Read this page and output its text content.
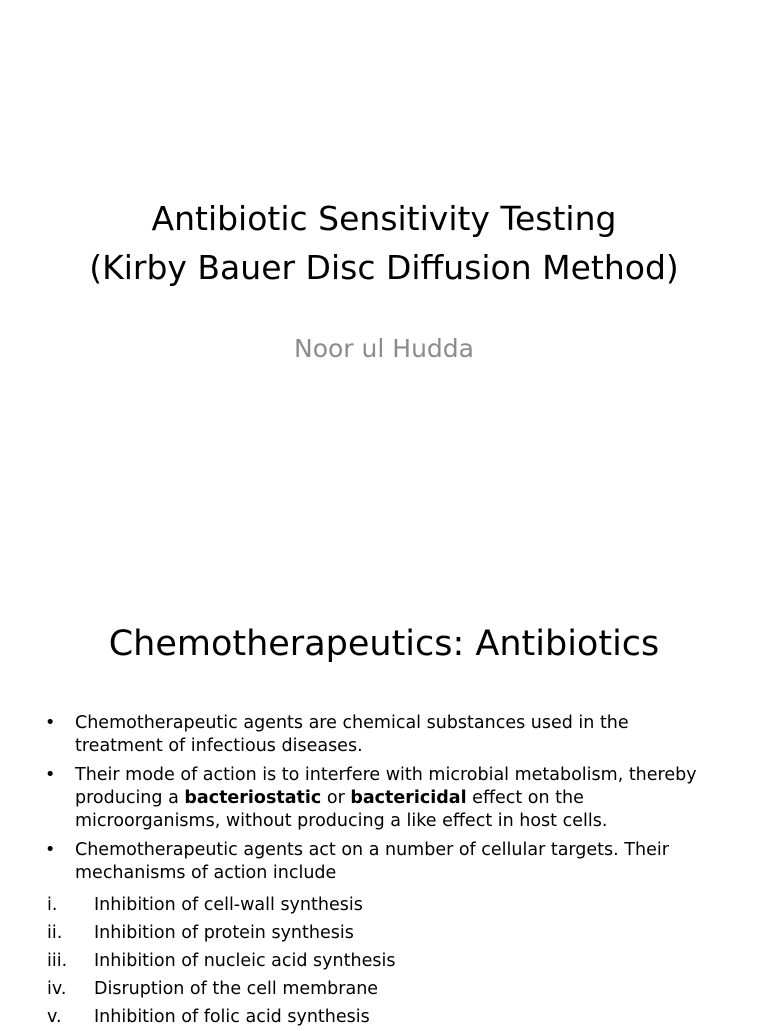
Antibiotic Sensitivity Testing
(Kirby Bauer Disc Diffusion Method)
Noor ul Hudda
Chemotherapeutics: Antibiotics
• Chemotherapeutic agents are chemical substances used in the treatment of infectious diseases.
• Their mode of action is to interfere with microbial metabolism, thereby producing a bacteriostatic or bactericidal effect on the microorganisms, without producing a like effect in host cells.
• Chemotherapeutic agents act on a number of cellular targets. Their mechanisms of action include
i. Inhibition of cell-wall synthesis
ii. Inhibition of protein synthesis
iii. Inhibition of nucleic acid synthesis
iv. Disruption of the cell membrane
v. Inhibition of folic acid synthesis
